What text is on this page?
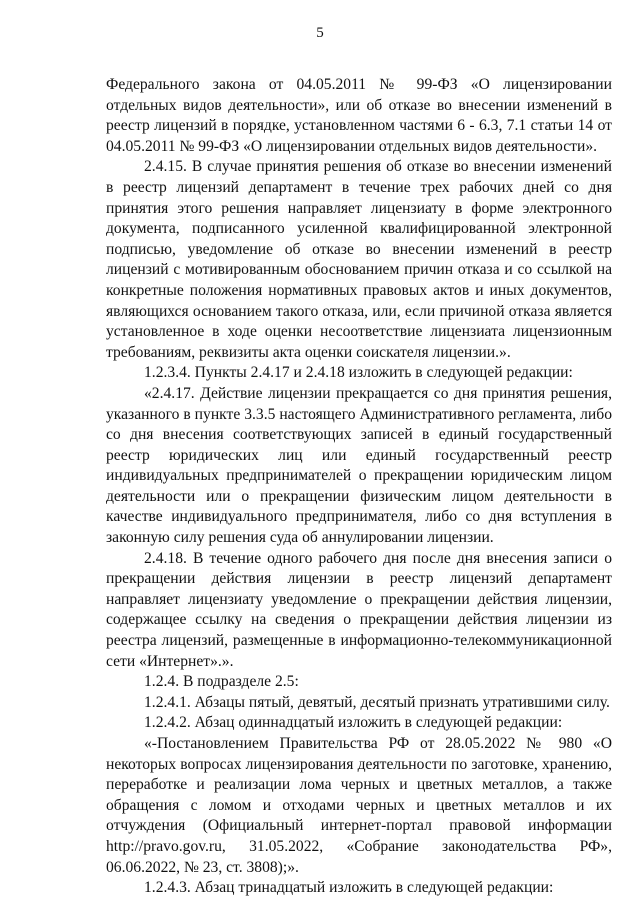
5

Федерального закона от 04.05.2011 № 99-ФЗ «О лицензировании отдельных видов деятельности», или об отказе во внесении изменений в реестр лицензий в порядке, установленном частями 6 - 6.3, 7.1 статьи 14 от 04.05.2011 № 99-ФЗ «О лицензировании отдельных видов деятельности».

2.4.15. В случае принятия решения об отказе во внесении изменений в реестр лицензий департамент в течение трех рабочих дней со дня принятия этого решения направляет лицензиату в форме электронного документа, подписанного усиленной квалифицированной электронной подписью, уведомление об отказе во внесении изменений в реестр лицензий с мотивированным обоснованием причин отказа и со ссылкой на конкретные положения нормативных правовых актов и иных документов, являющихся основанием такого отказа, или, если причиной отказа является установленное в ходе оценки несоответствие лицензиата лицензионным требованиям, реквизиты акта оценки соискателя лицензии.».

1.2.3.4. Пункты 2.4.17 и 2.4.18 изложить в следующей редакции:

«2.4.17. Действие лицензии прекращается со дня принятия решения, указанного в пункте 3.3.5 настоящего Административного регламента, либо со дня внесения соответствующих записей в единый государственный реестр юридических лиц или единый государственный реестр индивидуальных предпринимателей о прекращении юридическим лицом деятельности или о прекращении физическим лицом деятельности в качестве индивидуального предпринимателя, либо со дня вступления в законную силу решения суда об аннулировании лицензии.

2.4.18. В течение одного рабочего дня после дня внесения записи о прекращении действия лицензии в реестр лицензий департамент направляет лицензиату уведомление о прекращении действия лицензии, содержащее ссылку на сведения о прекращении действия лицензии из реестра лицензий, размещенные в информационно-телекоммуникационной сети «Интернет».».

1.2.4. В подразделе 2.5:

1.2.4.1. Абзацы пятый, девятый, десятый признать утратившими силу.

1.2.4.2. Абзац одиннадцатый изложить в следующей редакции:

«-Постановлением Правительства РФ от 28.05.2022 № 980 «О некоторых вопросах лицензирования деятельности по заготовке, хранению, переработке и реализации лома черных и цветных металлов, а также обращения с ломом и отходами черных и цветных металлов и их отчуждения (Официальный интернет-портал правовой информации http://pravo.gov.ru, 31.05.2022, «Собрание законодательства РФ», 06.06.2022, № 23, ст. 3808);».

1.2.4.3. Абзац тринадцатый изложить в следующей редакции:
